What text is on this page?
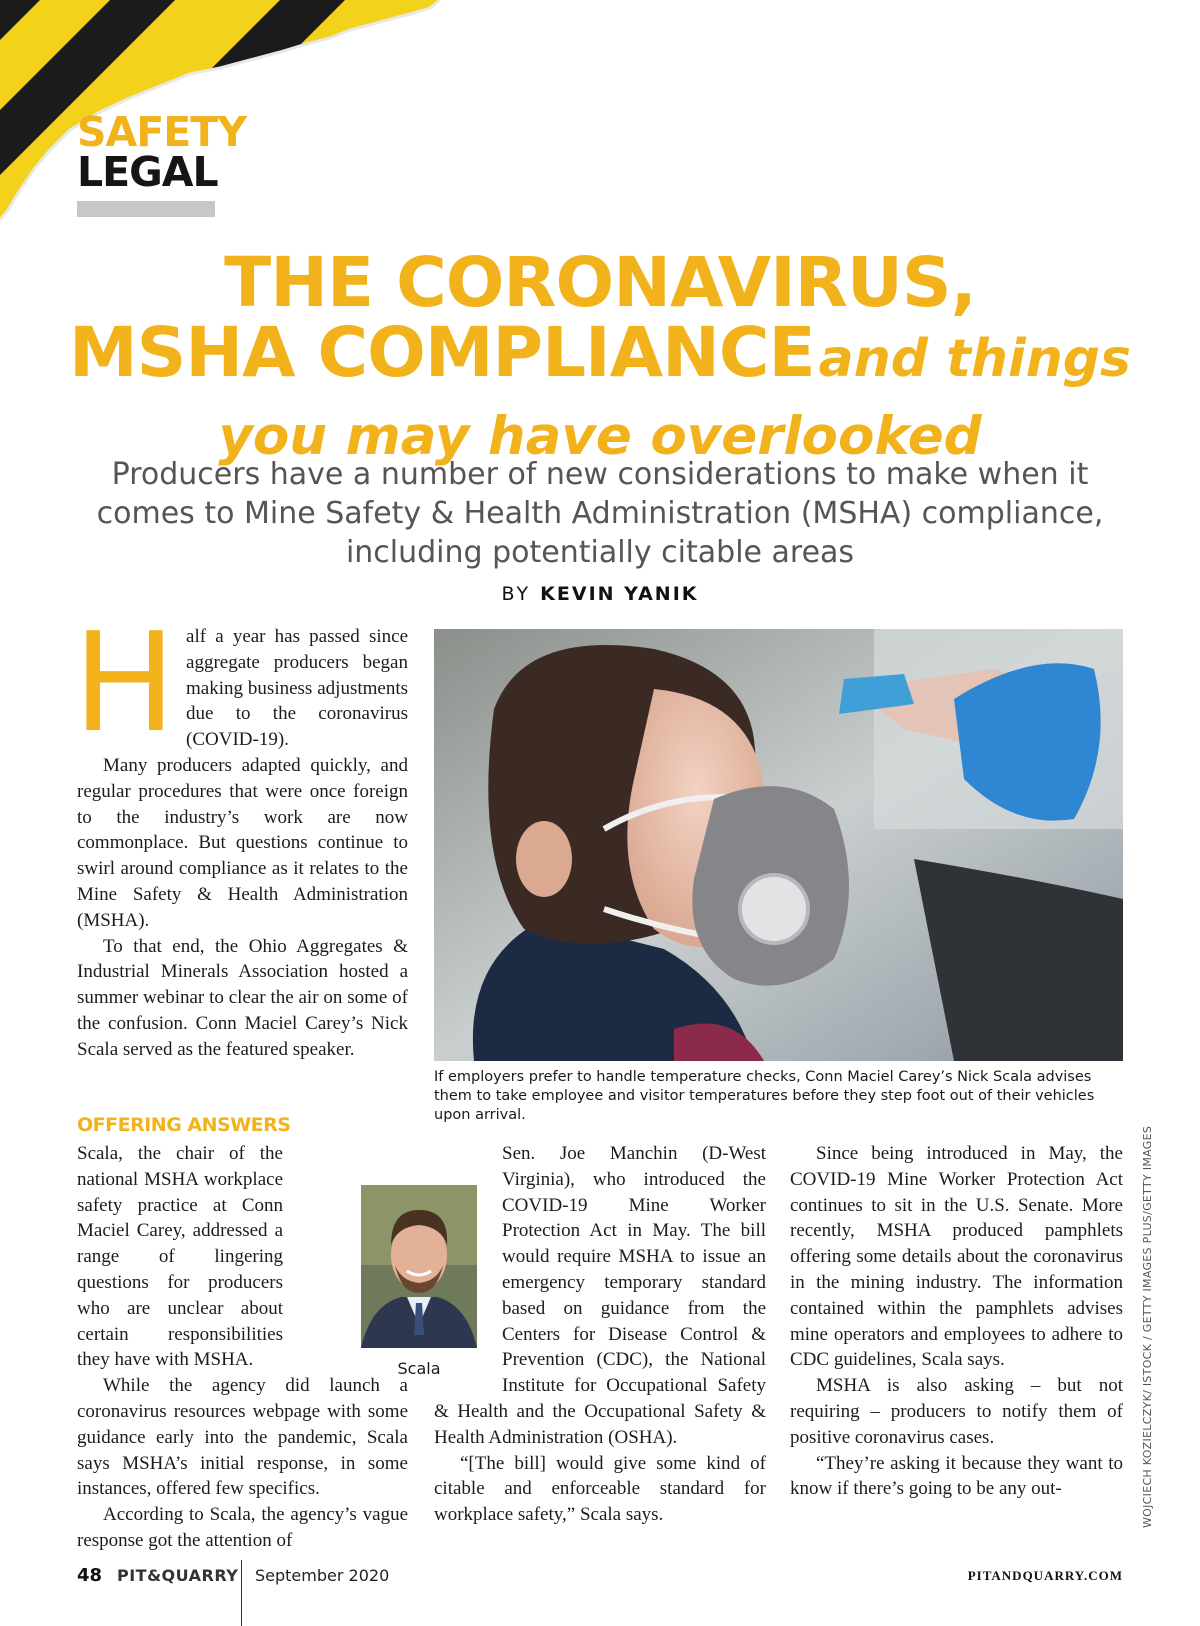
SAFETY
LEGAL
THE CORONAVIRUS,
MSHA COMPLIANCE and things
you may have overlooked
Producers have a number of new considerations to make when it comes to Mine Safety & Health Administration (MSHA) compliance, including potentially citable areas
BY KEVIN YANIK

Half a year has passed since aggregate producers began making business adjustments due to the coronavirus (COVID-19).

Many producers adapted quickly, and regular procedures that were once foreign to the industry’s work are now commonplace. But questions continue to swirl around compliance as it relates to the Mine Safety & Health Administration (MSHA).

To that end, the Ohio Aggregates & Industrial Minerals Association hosted a summer webinar to clear the air on some of the confusion. Conn Maciel Carey’s Nick Scala served as the featured speaker.

If employers prefer to handle temperature checks, Conn Maciel Carey’s Nick Scala advises them to take employee and visitor temperatures before they step foot out of their vehicles upon arrival.
OFFERING ANSWERS

Scala, the chair of the national MSHA workplace safety practice at Conn Maciel Carey, addressed a range of lingering questions for producers who are unclear about certain responsibilities they have with MSHA.

While the agency did launch a coronavirus resources webpage with some guidance early into the pandemic, Scala says MSHA’s initial response, in some instances, offered few specifics.

According to Scala, the agency’s vague response got the attention of

Scala

Sen. Joe Manchin (D-West Virginia), who introduced the COVID-19 Mine Worker Protection Act in May. The bill would require MSHA to issue an emergency temporary standard based on guidance from the Centers for Disease Control & Prevention (CDC), the National Institute for Occupational Safety & Health and the Occupational Safety & Health Administration (OSHA).

“[The bill] would give some kind of citable and enforceable standard for workplace safety,” Scala says.

Since being introduced in May, the COVID-19 Mine Worker Protection Act continues to sit in the U.S. Senate. More recently, MSHA produced pamphlets offering some details about the coronavirus in the mining industry. The information contained within the pamphlets advises mine operators and employees to adhere to CDC guidelines, Scala says.

MSHA is also asking – but not requiring – producers to notify them of positive coronavirus cases.

“They’re asking it because they want to know if there’s going to be any out-	WOJCIECH KOZIELCZYK/ ISTOCK / GETTY IMAGES PLUS/GETTY IMAGES
48 PIT&QUARRY September 2020	PITANDQUARRY.COM
